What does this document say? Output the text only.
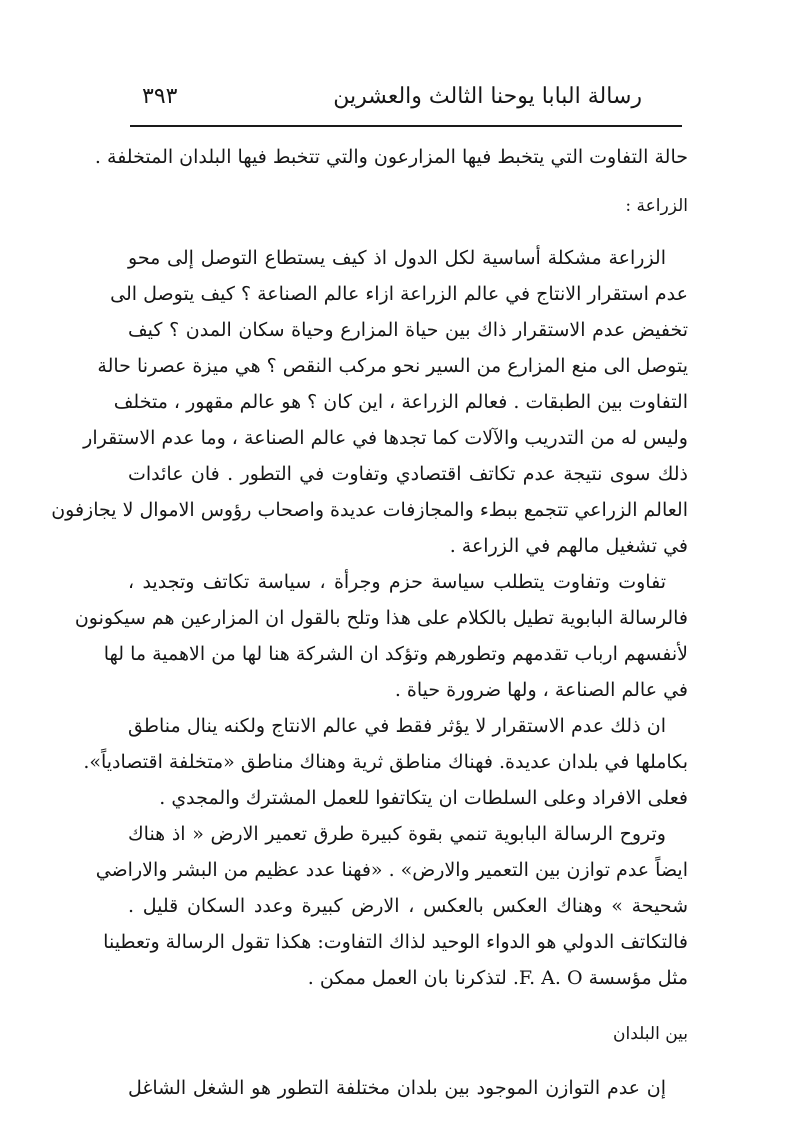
رسالة البابا يوحنا الثالث والعشرين
٣٩٣
حالة التفاوت التي يتخبط فيها المزارعون والتي تتخبط فيها البلدان المتخلفة .
الزراعة :
الزراعة مشكلة أساسية لكل الدول اذ كيف يستطاع التوصل إلى محو
عدم استقرار الانتاج في عالم الزراعة ازاء عالم الصناعة ؟ كيف يتوصل الى
تخفيض عدم الاستقرار ذاك بين حياة المزارع وحياة سكان المدن ؟ كيف
يتوصل الى منع المزارع من السير نحو مركب النقص ؟ هي ميزة عصرنا حالة
التفاوت بين الطبقات . فعالم الزراعة ، اين كان ؟ هو عالم مقهور ، متخلف
وليس له من التدريب والآلات كما تجدها في عالم الصناعة ، وما عدم الاستقرار
ذلك سوى نتيجة عدم تكاتف اقتصادي وتفاوت في التطور . فان عائدات
العالم الزراعي تتجمع ببطء والمجازفات عديدة واصحاب رؤوس الاموال لا يجازفون
في تشغيل مالهم في الزراعة .
تفاوت وتفاوت يتطلب سياسة حزم وجرأة ، سياسة تكاتف وتجديد ،
فالرسالة البابوية تطيل بالكلام على هذا وتلح بالقول ان المزارعين هم سيكونون
لأنفسهم ارباب تقدمهم وتطورهم وتؤكد ان الشركة هنا لها من الاهمية ما لها
في عالم الصناعة ، ولها ضرورة حياة .
ان ذلك عدم الاستقرار لا يؤثر فقط في عالم الانتاج ولكنه ينال مناطق
بكاملها في بلدان عديدة. فهناك مناطق ثرية وهناك مناطق «متخلفة اقتصادياً».
فعلى الافراد وعلى السلطات ان يتكاتفوا للعمل المشترك والمجدي .
وتروح الرسالة البابوية تنمي بقوة كبيرة طرق تعمير الارض « اذ هناك
ايضاً عدم توازن بين التعمير والارض» . «فهنا عدد عظيم من البشر والاراضي
شحيحة » وهناك العكس بالعكس ، الارض كبيرة وعدد السكان قليل .
فالتكاتف الدولي هو الدواء الوحيد لذاك التفاوت: هكذا تقول الرسالة وتعطينا
مثل مؤسسة F. A. O. لتذكرنا بان العمل ممكن .
بين البلدان
إن عدم التوازن الموجود بين بلدان مختلفة التطور هو الشغل الشاغل
